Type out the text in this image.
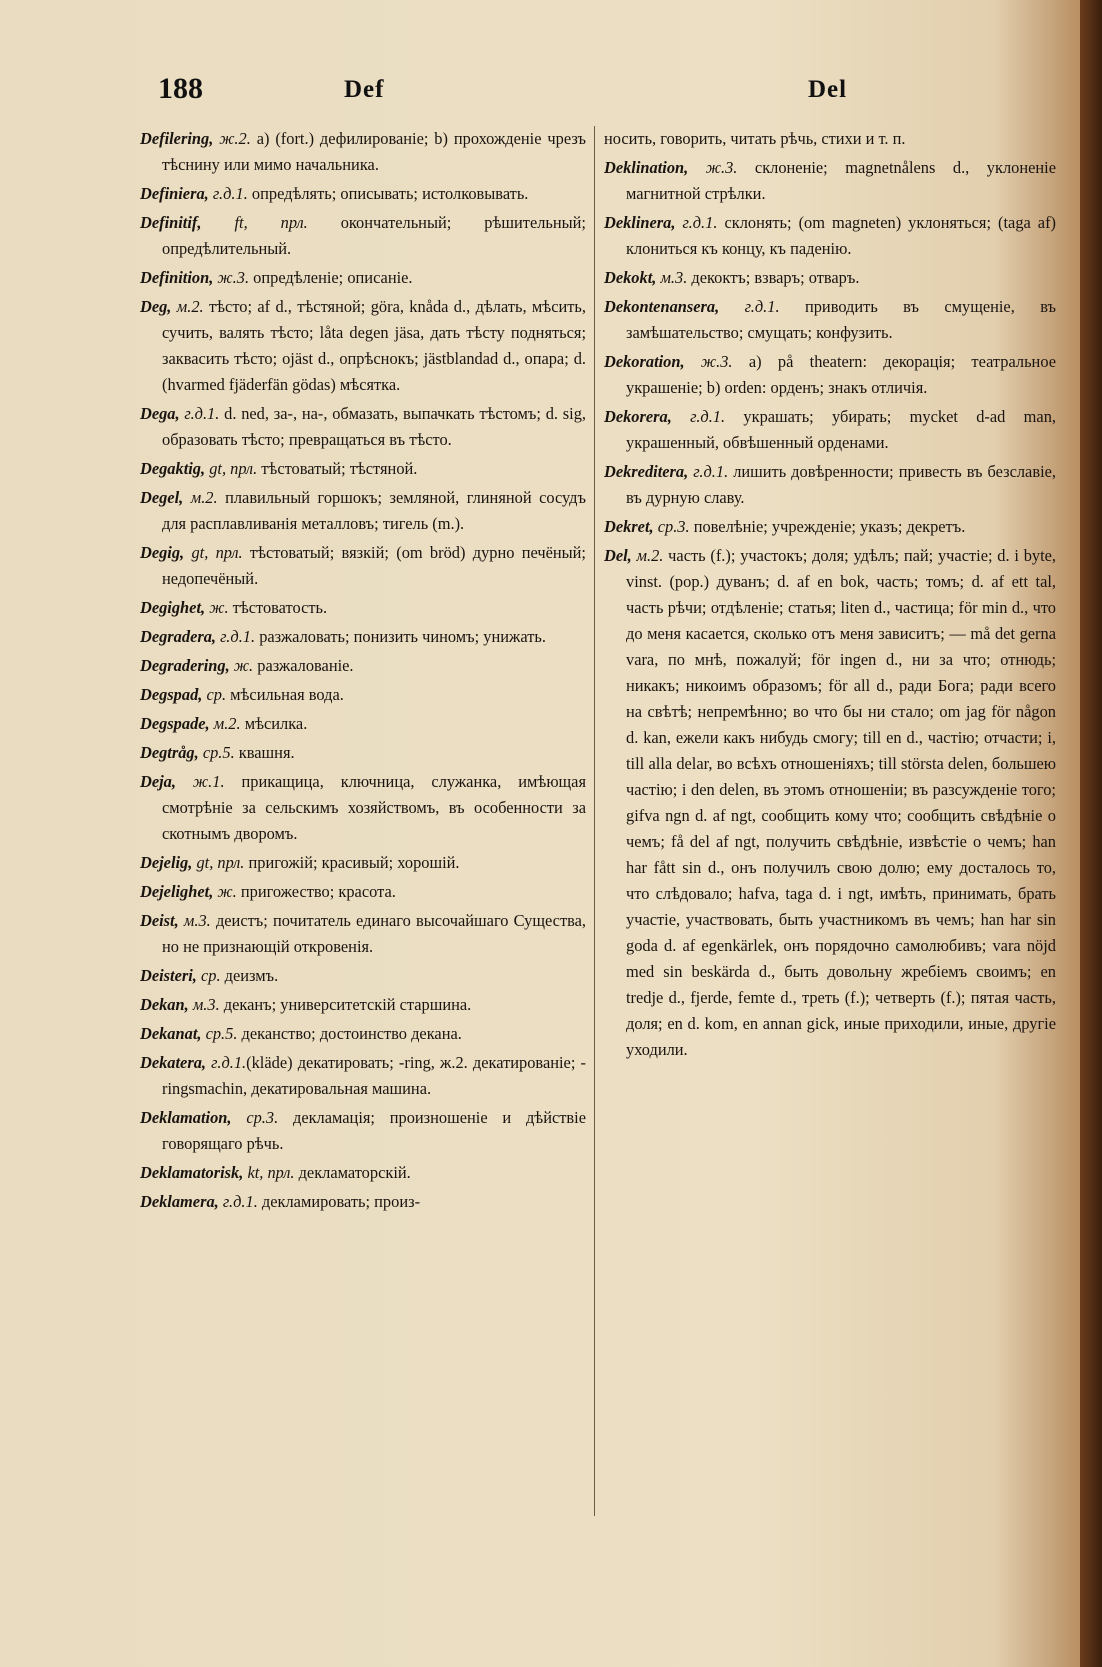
188	Def	Del

Defilering, ж.2. a) (fort.) дефилированіе; b) прохожденіе чрезъ тѣснину или мимо начальника.

Definiera, г.д.1. опредѣлять; описывать; истолковывать.

Definitif, ft, прл. окончательный; рѣшительный; опредѣлительный.

Definition, ж.3. опредѣленіе; описаніе.

Deg, м.2. тѣсто; af d., тѣстяной; göra, knåda d., дѣлать, мѣсить, сучить, валять тѣсто; låta degen jäsa, дать тѣсту подняться; заквасить тѣсто; ojäst d., опрѣснокъ; jästblandad d., опара; d. (hvarmed fjäderfän gödas) мѣсятка.

Dega, г.д.1. d. ned, за-, на-, обмазать, выпачкать тѣстомъ; d. sig, образовать тѣсто; превращаться въ тѣсто.

Degaktig, gt, прл. тѣстоватый; тѣстяной.

Degel, м.2. плавильный горшокъ; земляной, глиняной сосудъ для расплавливанія металловъ; тигель (m.).

Degig, gt, прл. тѣстоватый; вязкій; (om bröd) дурно печёный; недопечёный.

Degighet, ж. тѣстоватость.

Degradera, г.д.1. разжаловать; понизить чиномъ; унижать.

Degradering, ж. разжалованіе.

Degspad, ср. мѣсильная вода.

Degspade, м.2. мѣсилка.

Degtråg, ср.5. квашня.

Deja, ж.1. прикащица, ключница, служанка, имѣющая смотрѣніе за сельскимъ хозяйствомъ, въ особенности за скотнымъ дворомъ.

Dejelig, gt, прл. пригожій; красивый; хорошій.

Dejelighet, ж. пригожество; красота.

Deist, м.3. деистъ; почитатель единаго высочайшаго Существа, но не признающій откровенія.

Deisteri, ср. деизмъ.

Dekan, м.3. деканъ; университетскій старшина.

Dekanat, ср.5. деканство; достоинство декана.

Dekatera, г.д.1.(kläde) декатировать; -ring, ж.2. декатированіе; -ringsmachin, декатировальная машина.

Deklamation, ср.3. декламація; произношеніе и дѣйствіе говорящаго рѣчь.

Deklamatorisk, kt, прл. декламаторскій.

Deklamera, г.д.1. декламировать; произ-

носить, говорить, читать рѣчь, стихи и т. п.

Deklination, ж.3. склоненіе; magnetnålens d., уклоненіе магнитной стрѣлки.

Deklinera, г.д.1. склонять; (om magneten) уклоняться; (taga af) клониться къ концу, къ паденію.

Dekokt, м.3. декоктъ; взваръ; отваръ.

Dekontenansera, г.д.1. приводить въ смущеніе, въ замѣшательство; смущать; конфузить.

Dekoration, ж.3. a) på theatern: декорація; театральное украшеніе; b) orden: орденъ; знакъ отличія.

Dekorera, г.д.1. украшать; убирать; mycket d-ad man, украшенный, обвѣшенный орденами.

Dekreditera, г.д.1. лишить довѣренности; привесть въ безславіе, въ дурную славу.

Dekret, ср.3. повелѣніе; учрежденіе; указъ; декретъ.

Del, м.2. часть (f.); участокъ; доля; удѣлъ; пай; участіе; d. i byte, vinst. (pop.) дуванъ; d. af en bok, часть; томъ; d. af ett tal, часть рѣчи; отдѣленіе; статья; liten d., частица; för min d., что до меня касается, сколько отъ меня зависитъ; — må det gerna vara, по мнѣ, пожалуй; för ingen d., ни за что; отнюдь; никакъ; никоимъ образомъ; för all d., ради Бога; ради всего на свѣтѣ; непремѣнно; во что бы ни стало; om jag för någon d. kan, ежели какъ нибудь смогу; till en d., частію; отчасти; i, till alla delar, во всѣхъ отношеніяхъ; till största delen, большею частію; i den delen, въ этомъ отношеніи; въ разсужденіе того; gifva ngn d. af ngt, сообщить кому что; сообщить свѣдѣніе о чемъ; få del af ngt, получить свѣдѣніе, извѣстіе о чемъ; han har fått sin d., онъ получилъ свою долю; ему досталось то, что слѣдовало; hafva, taga d. i ngt, имѣть, принимать, брать участіе, участвовать, быть участникомъ въ чемъ; han har sin goda d. af egenkärlek, онъ порядочно самолюбивъ; vara nöjd med sin beskärda d., быть довольну жребіемъ своимъ; en tredje d., fjerde, femte d., треть (f.); четверть (f.); пятая часть, доля; en d. kom, en annan gick, иные приходили, иные, другіе уходили.
